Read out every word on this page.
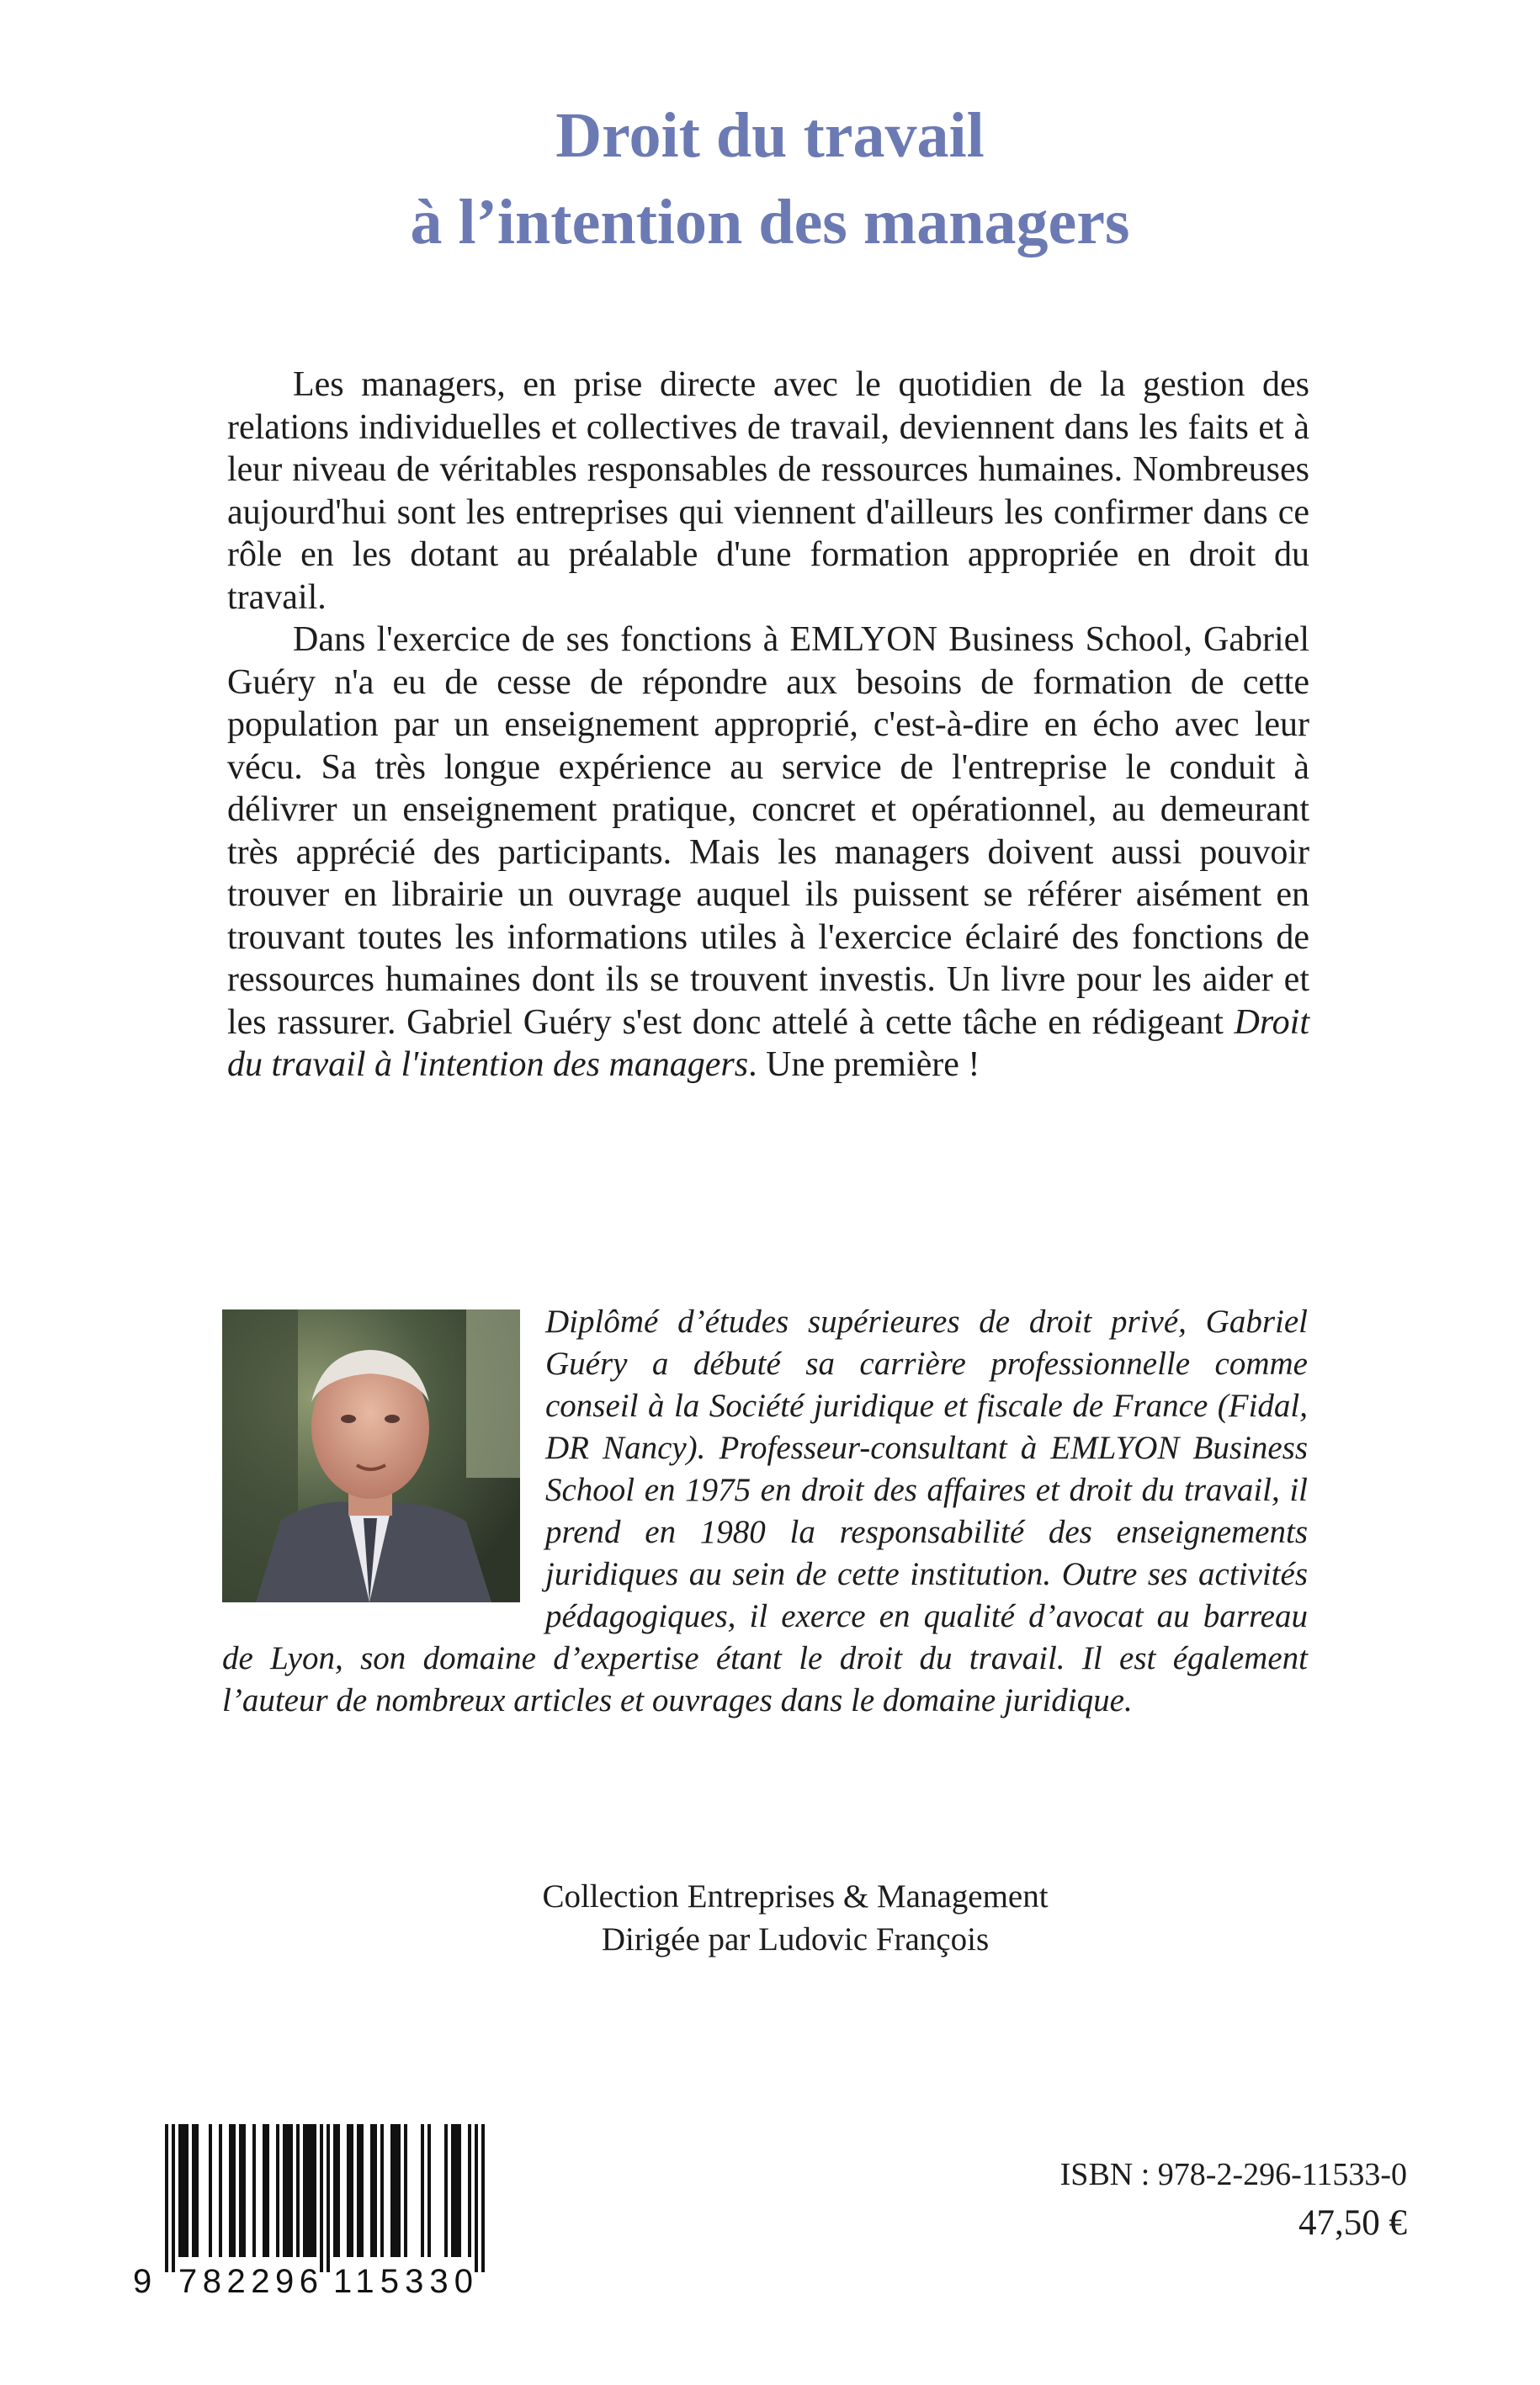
Droit du travail
à l’intention des managers

Les managers, en prise directe avec le quotidien de la gestion des relations individuelles et collectives de travail, deviennent dans les faits et à leur niveau de véritables responsables de ressources humaines. Nombreuses aujourd'hui sont les entreprises qui viennent d'ailleurs les confirmer dans ce rôle en les dotant au préalable d'une formation appropriée en droit du travail.

Dans l'exercice de ses fonctions à EMLYON Business School, Gabriel Guéry n'a eu de cesse de répondre aux besoins de formation de cette population par un enseignement approprié, c'est-à-dire en écho avec leur vécu. Sa très longue expérience au service de l'entreprise le conduit à délivrer un enseignement pratique, concret et opérationnel, au demeurant très apprécié des participants. Mais les managers doivent aussi pouvoir trouver en librairie un ouvrage auquel ils puissent se référer aisément en trouvant toutes les informations utiles à l'exercice éclairé des fonctions de ressources humaines dont ils se trouvent investis. Un livre pour les aider et les rassurer. Gabriel Guéry s'est donc attelé à cette tâche en rédigeant Droit du travail à l'intention des managers. Une première !

Diplômé d’études supérieures de droit privé, Gabriel Guéry a débuté sa carrière professionnelle comme conseil à la Société juridique et fiscale de France (Fidal, DR Nancy). Professeur-consultant à EMLYON Business School en 1975 en droit des affaires et droit du travail, il prend en 1980 la responsabilité des enseignements juridiques au sein de cette institution. Outre ses activités pédagogiques, il exerce en qualité d’avocat au barreau de Lyon, son domaine d’expertise étant le droit du travail. Il est également l’auteur de nombreux articles et ouvrages dans le domaine juridique.

Collection Entreprises & Management
Dirigée par Ludovic François
9 782296 115330
ISBN : 978-2-296-11533-0
47,50 €
